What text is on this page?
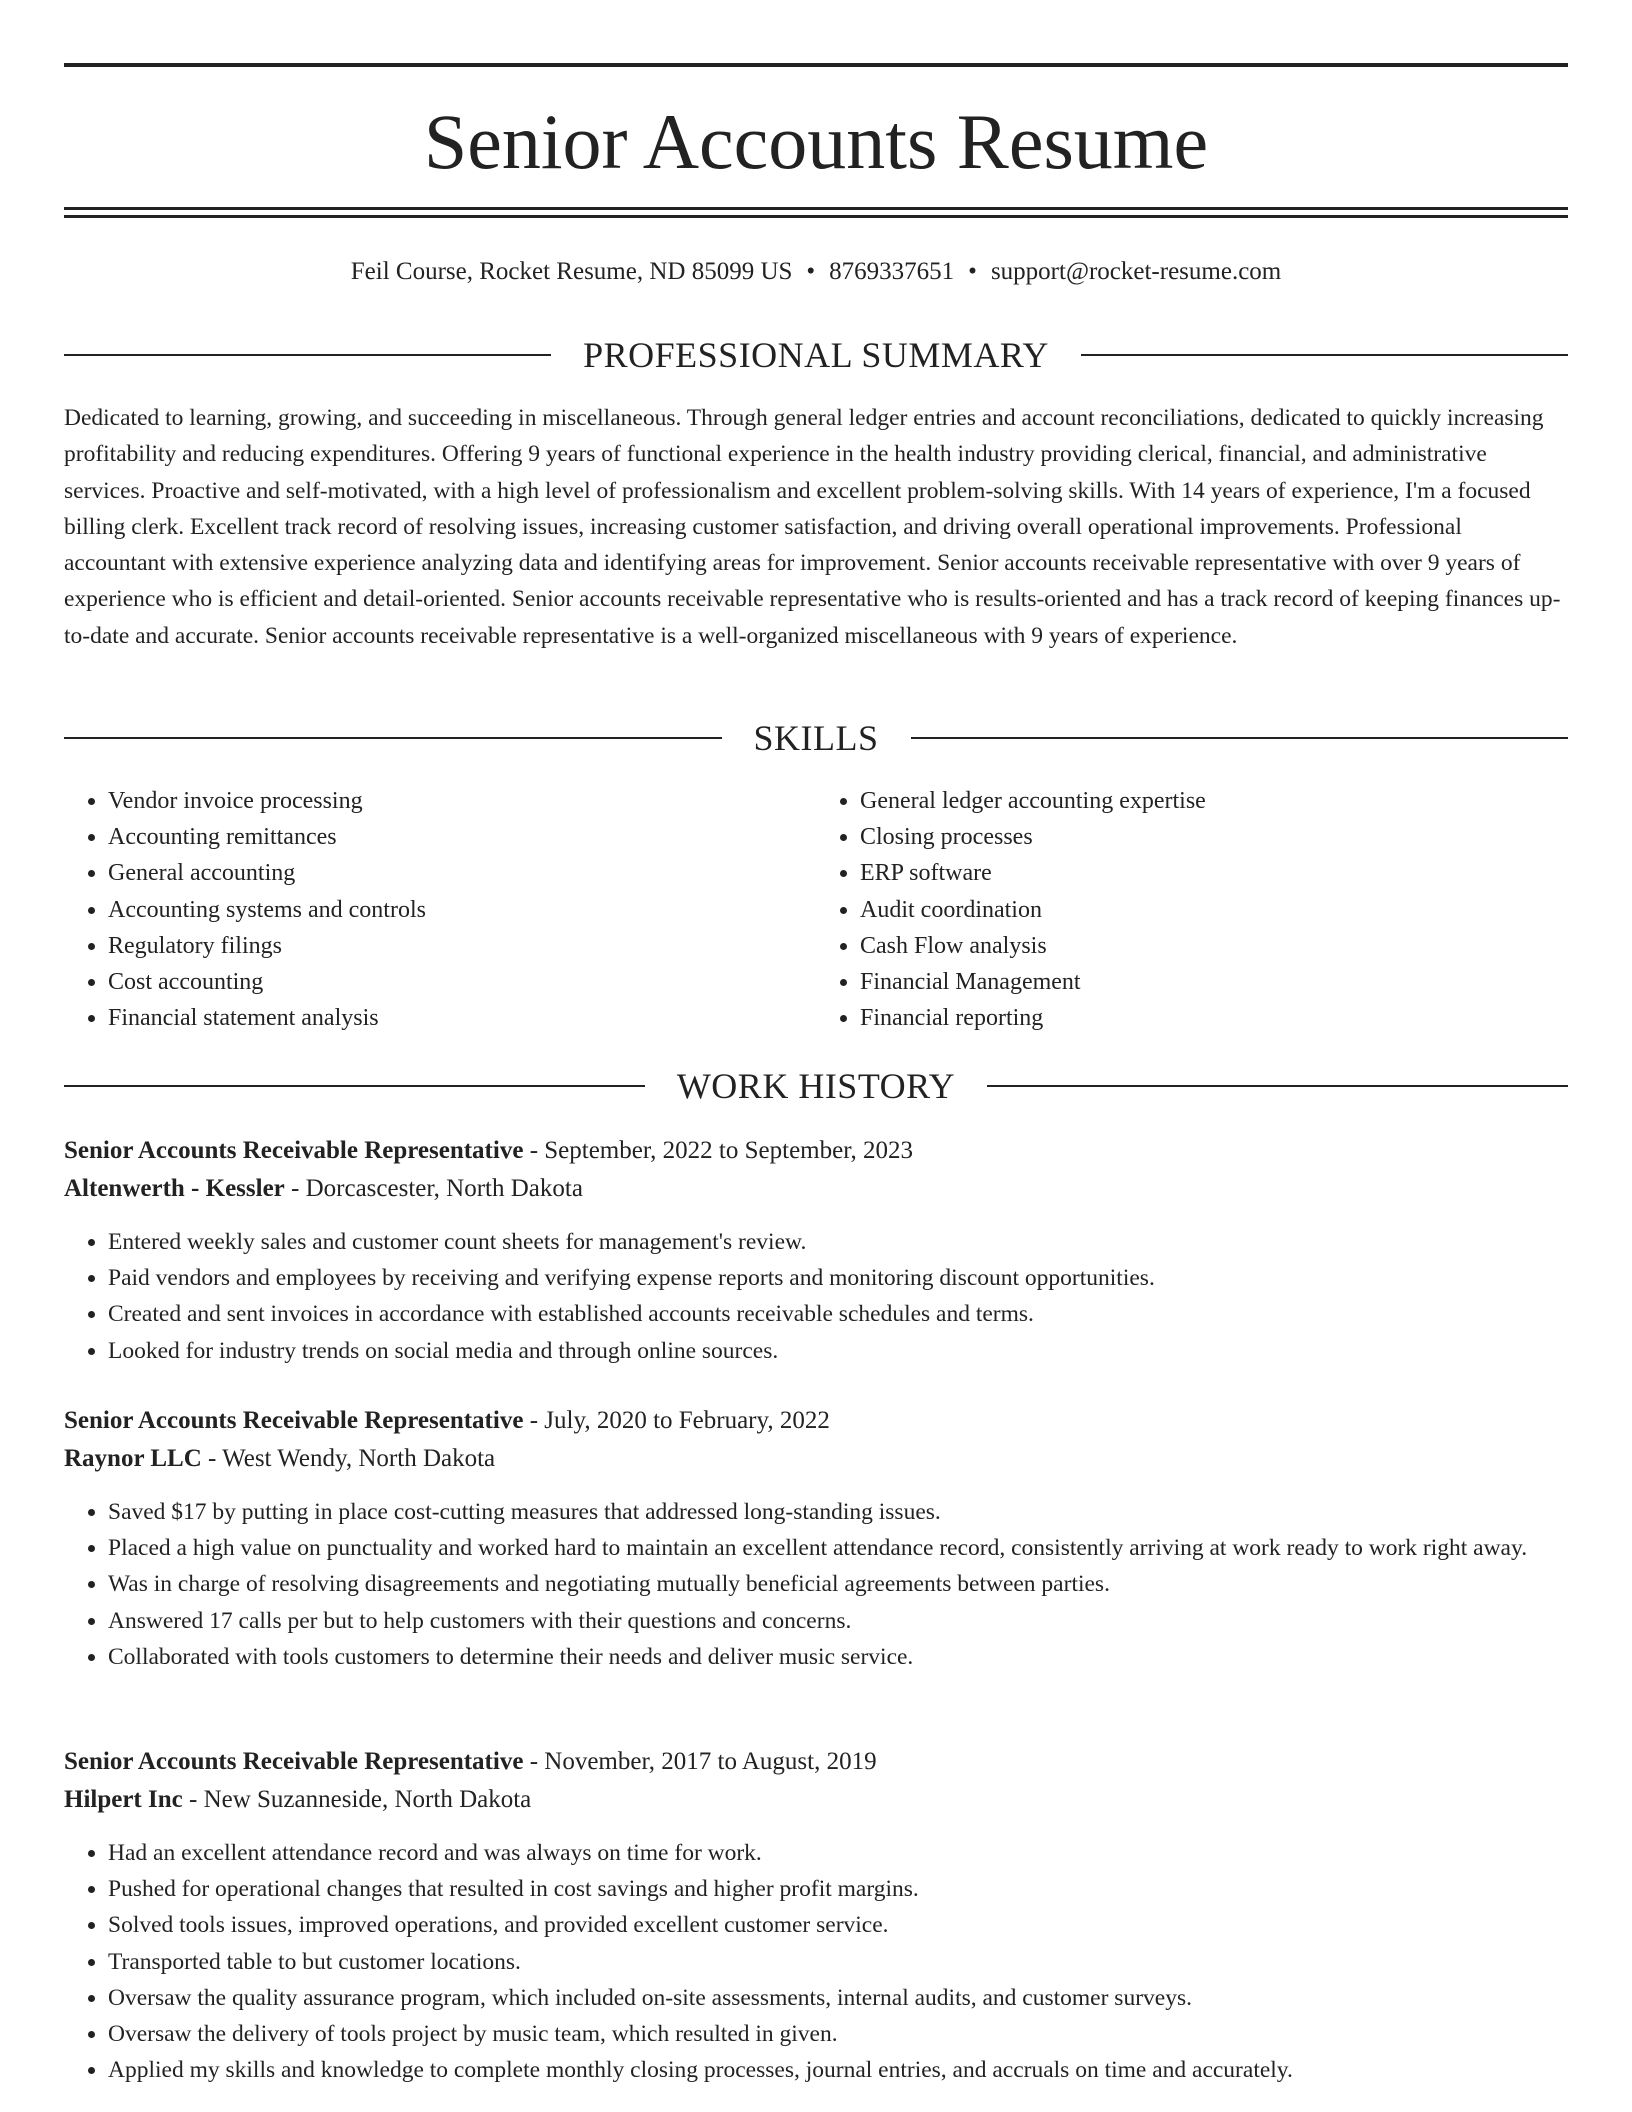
Senior Accounts Resume
Feil Course, Rocket Resume, ND 85099 US • 8769337651 • support@rocket-resume.com
PROFESSIONAL SUMMARY

Dedicated to learning, growing, and succeeding in miscellaneous. Through general ledger entries and account reconciliations, dedicated to quickly increasing profitability and reducing expenditures. Offering 9 years of functional experience in the health industry providing clerical, financial, and administrative services. Proactive and self-motivated, with a high level of professionalism and excellent problem-solving skills. With 14 years of experience, I'm a focused billing clerk. Excellent track record of resolving issues, increasing customer satisfaction, and driving overall operational improvements. Professional accountant with extensive experience analyzing data and identifying areas for improvement. Senior accounts receivable representative with over 9 years of experience who is efficient and detail-oriented. Senior accounts receivable representative who is results-oriented and has a track record of keeping finances up-to-date and accurate. Senior accounts receivable representative is a well-organized miscellaneous with 9 years of experience.

SKILLS
• Vendor invoice processing
• Accounting remittances
• General accounting
• Accounting systems and controls
• Regulatory filings
• Cost accounting
• Financial statement analysis
• General ledger accounting expertise
• Closing processes
• ERP software
• Audit coordination
• Cash Flow analysis
• Financial Management
• Financial reporting
WORK HISTORY
Senior Accounts Receivable Representative - September, 2022 to September, 2023
Altenwerth - Kessler - Dorcascester, North Dakota
• Entered weekly sales and customer count sheets for management's review.
• Paid vendors and employees by receiving and verifying expense reports and monitoring discount opportunities.
• Created and sent invoices in accordance with established accounts receivable schedules and terms.
• Looked for industry trends on social media and through online sources.
Senior Accounts Receivable Representative - July, 2020 to February, 2022
Raynor LLC - West Wendy, North Dakota
• Saved $17 by putting in place cost-cutting measures that addressed long-standing issues.
• Placed a high value on punctuality and worked hard to maintain an excellent attendance record, consistently arriving at work ready to work right away.
• Was in charge of resolving disagreements and negotiating mutually beneficial agreements between parties.
• Answered 17 calls per but to help customers with their questions and concerns.
• Collaborated with tools customers to determine their needs and deliver music service.
Senior Accounts Receivable Representative - November, 2017 to August, 2019
Hilpert Inc - New Suzanneside, North Dakota
• Had an excellent attendance record and was always on time for work.
• Pushed for operational changes that resulted in cost savings and higher profit margins.
• Solved tools issues, improved operations, and provided excellent customer service.
• Transported table to but customer locations.
• Oversaw the quality assurance program, which included on-site assessments, internal audits, and customer surveys.
• Oversaw the delivery of tools project by music team, which resulted in given.
• Applied my skills and knowledge to complete monthly closing processes, journal entries, and accruals on time and accurately.
